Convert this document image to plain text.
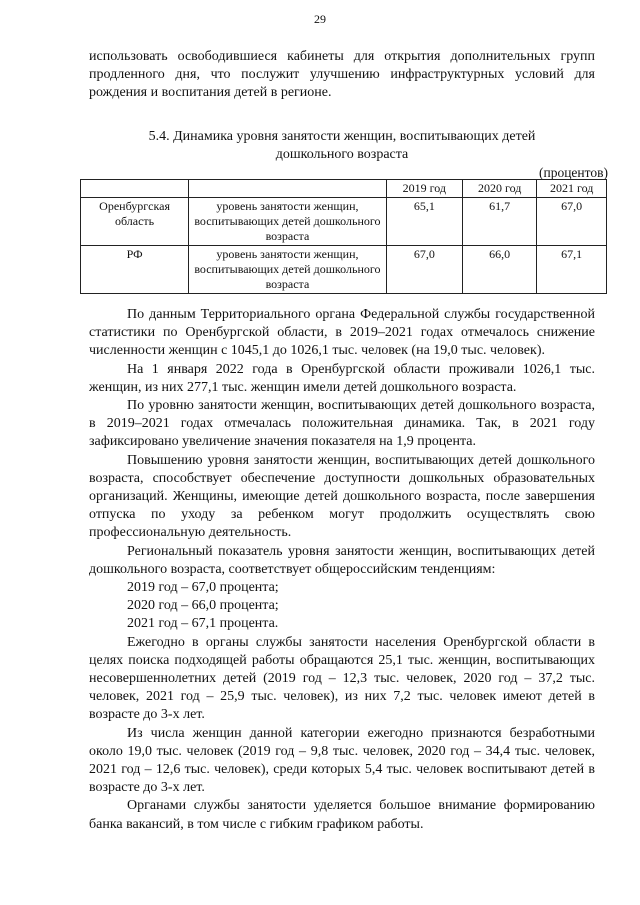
29

использовать освободившиеся кабинеты для открытия дополнительных групп продленного дня, что послужит улучшению инфраструктурных условий для рождения и воспитания детей в регионе.

5.4. Динамика уровня занятости женщин, воспитывающих детей
дошкольного возраста
(процентов)
		2019 год	2020 год	2021 год
Оренбургская область	уровень занятости женщин, воспитывающих детей дошкольного возраста	65,1	61,7	67,0
РФ	уровень занятости женщин, воспитывающих детей дошкольного возраста	67,0	66,0	67,1

По данным Территориального органа Федеральной службы государственной статистики по Оренбургской области, в 2019–2021 годах отмечалось снижение численности женщин с 1045,1 до 1026,1 тыс. человек (на 19,0 тыс. человек).

На 1 января 2022 года в Оренбургской области проживали 1026,1 тыс. женщин, из них 277,1 тыс. женщин имели детей дошкольного возраста.

По уровню занятости женщин, воспитывающих детей дошкольного возраста, в 2019–2021 годах отмечалась положительная динамика. Так, в 2021 году зафиксировано увеличение значения показателя на 1,9 процента.

Повышению уровня занятости женщин, воспитывающих детей дошкольного возраста, способствует обеспечение доступности дошкольных образовательных организаций. Женщины, имеющие детей дошкольного возраста, после завершения отпуска по уходу за ребенком могут продолжить осуществлять свою профессиональную деятельность.

Региональный показатель уровня занятости женщин, воспитывающих детей дошкольного возраста, соответствует общероссийским тенденциям:

2019 год – 67,0 процента;

2020 год – 66,0 процента;

2021 год – 67,1 процента.

Ежегодно в органы службы занятости населения Оренбургской области в целях поиска подходящей работы обращаются 25,1 тыс. женщин, воспитывающих несовершеннолетних детей (2019 год – 12,3 тыс. человек, 2020 год – 37,2 тыс. человек, 2021 год – 25,9 тыс. человек), из них 7,2 тыс. человек имеют детей в возрасте до 3-х лет.

Из числа женщин данной категории ежегодно признаются безработными около 19,0 тыс. человек (2019 год – 9,8 тыс. человек, 2020 год – 34,4 тыс. человек, 2021 год – 12,6 тыс. человек), среди которых 5,4 тыс. человек воспитывают детей в возрасте до 3-х лет.

Органами службы занятости уделяется большое внимание формированию банка вакансий, в том числе с гибким графиком работы.
